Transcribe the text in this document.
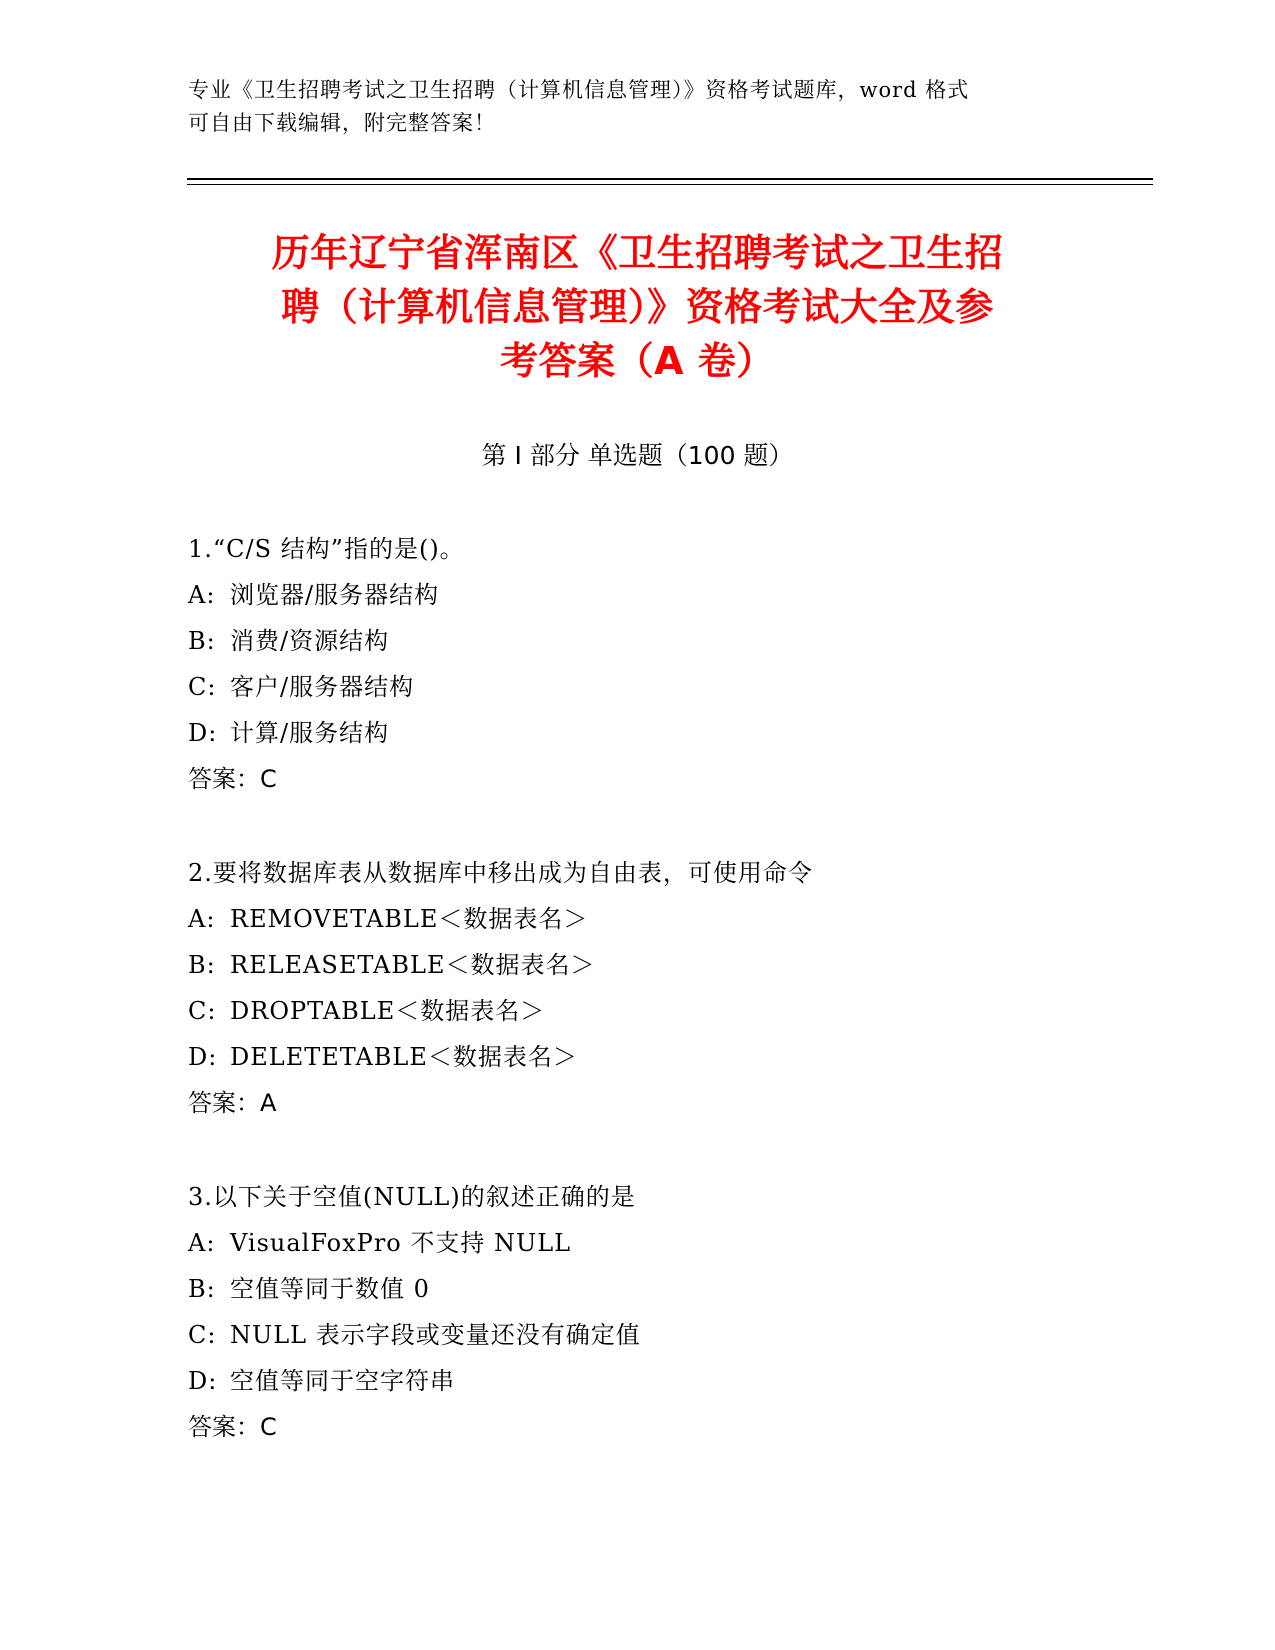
专业《卫生招聘考试之卫生招聘（计算机信息管理）》资格考试题库，word 格式
可自由下载编辑，附完整答案！
历年辽宁省浑南区《卫生招聘考试之卫生招
聘（计算机信息管理）》资格考试大全及参
考答案（A 卷）
第 I 部分 单选题（100 题）
1.“C/S 结构”指的是()。
A: 浏览器/服务器结构
B: 消费/资源结构
C: 客户/服务器结构
D: 计算/服务结构
答案：C
2.要将数据库表从数据库中移出成为自由表，可使用命令
A: REMOVETABLE＜数据表名＞
B: RELEASETABLE＜数据表名＞
C: DROPTABLE＜数据表名＞
D: DELETETABLE＜数据表名＞
答案：A
3.以下关于空值(NULL)的叙述正确的是
A: VisualFoxPro 不支持 NULL
B: 空值等同于数值 0
C: NULL 表示字段或变量还没有确定值
D: 空值等同于空字符串
答案：C
